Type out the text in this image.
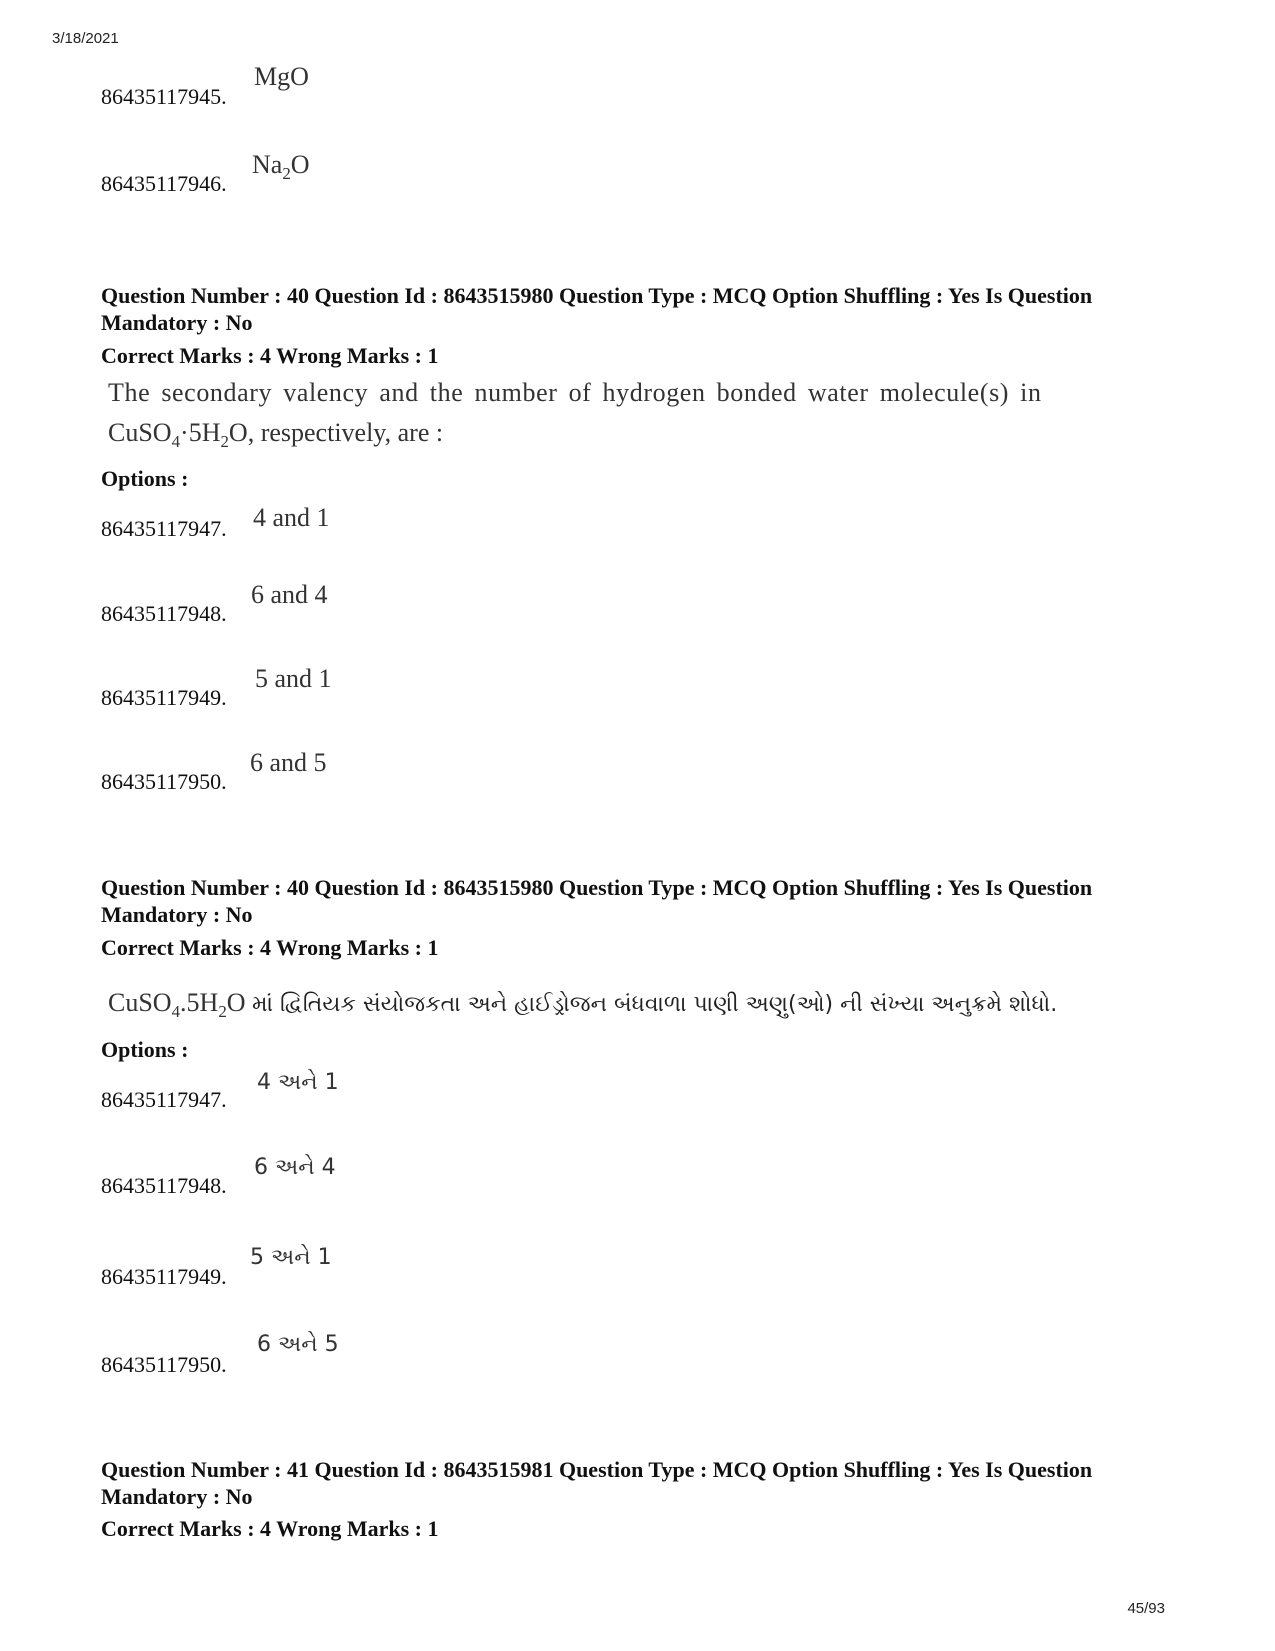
3/18/2021
86435117945.
MgO
86435117946.
$Na_2O$
Question Number : 40 Question Id : 8643515980 Question Type : MCQ Option Shuffling : Yes Is Question Mandatory : No
Correct Marks : 4 Wrong Marks : 1
The secondary valency and the number of hydrogen bonded water molecule(s) in
$CuSO_4\cdot 5H_2O$, respectively, are :
Options :
86435117947. 4 and 1
86435117948.
6 and 4
86435117949.
5 and 1
86435117950.
6 and 5
Question Number : 40 Question Id : 8643515980 Question Type : MCQ Option Shuffling : Yes Is Question Mandatory : No
Correct Marks : 4 Wrong Marks : 1
$CuSO_4.5H_2O$ માં દ્વિતિયક સંયોજકતા અને હાઈડ્રોજન બંધવાળા પાણી અણુ(ઓ) ની સંખ્યા અનુક્રમે શોધો.
Options :
86435117947.
4 અને 1
86435117948.
6 અને 4
86435117949.
5 અને 1
86435117950.
6 અને 5
Question Number : 41 Question Id : 8643515981 Question Type : MCQ Option Shuffling : Yes Is Question Mandatory : No
Correct Marks : 4 Wrong Marks : 1
45/93
